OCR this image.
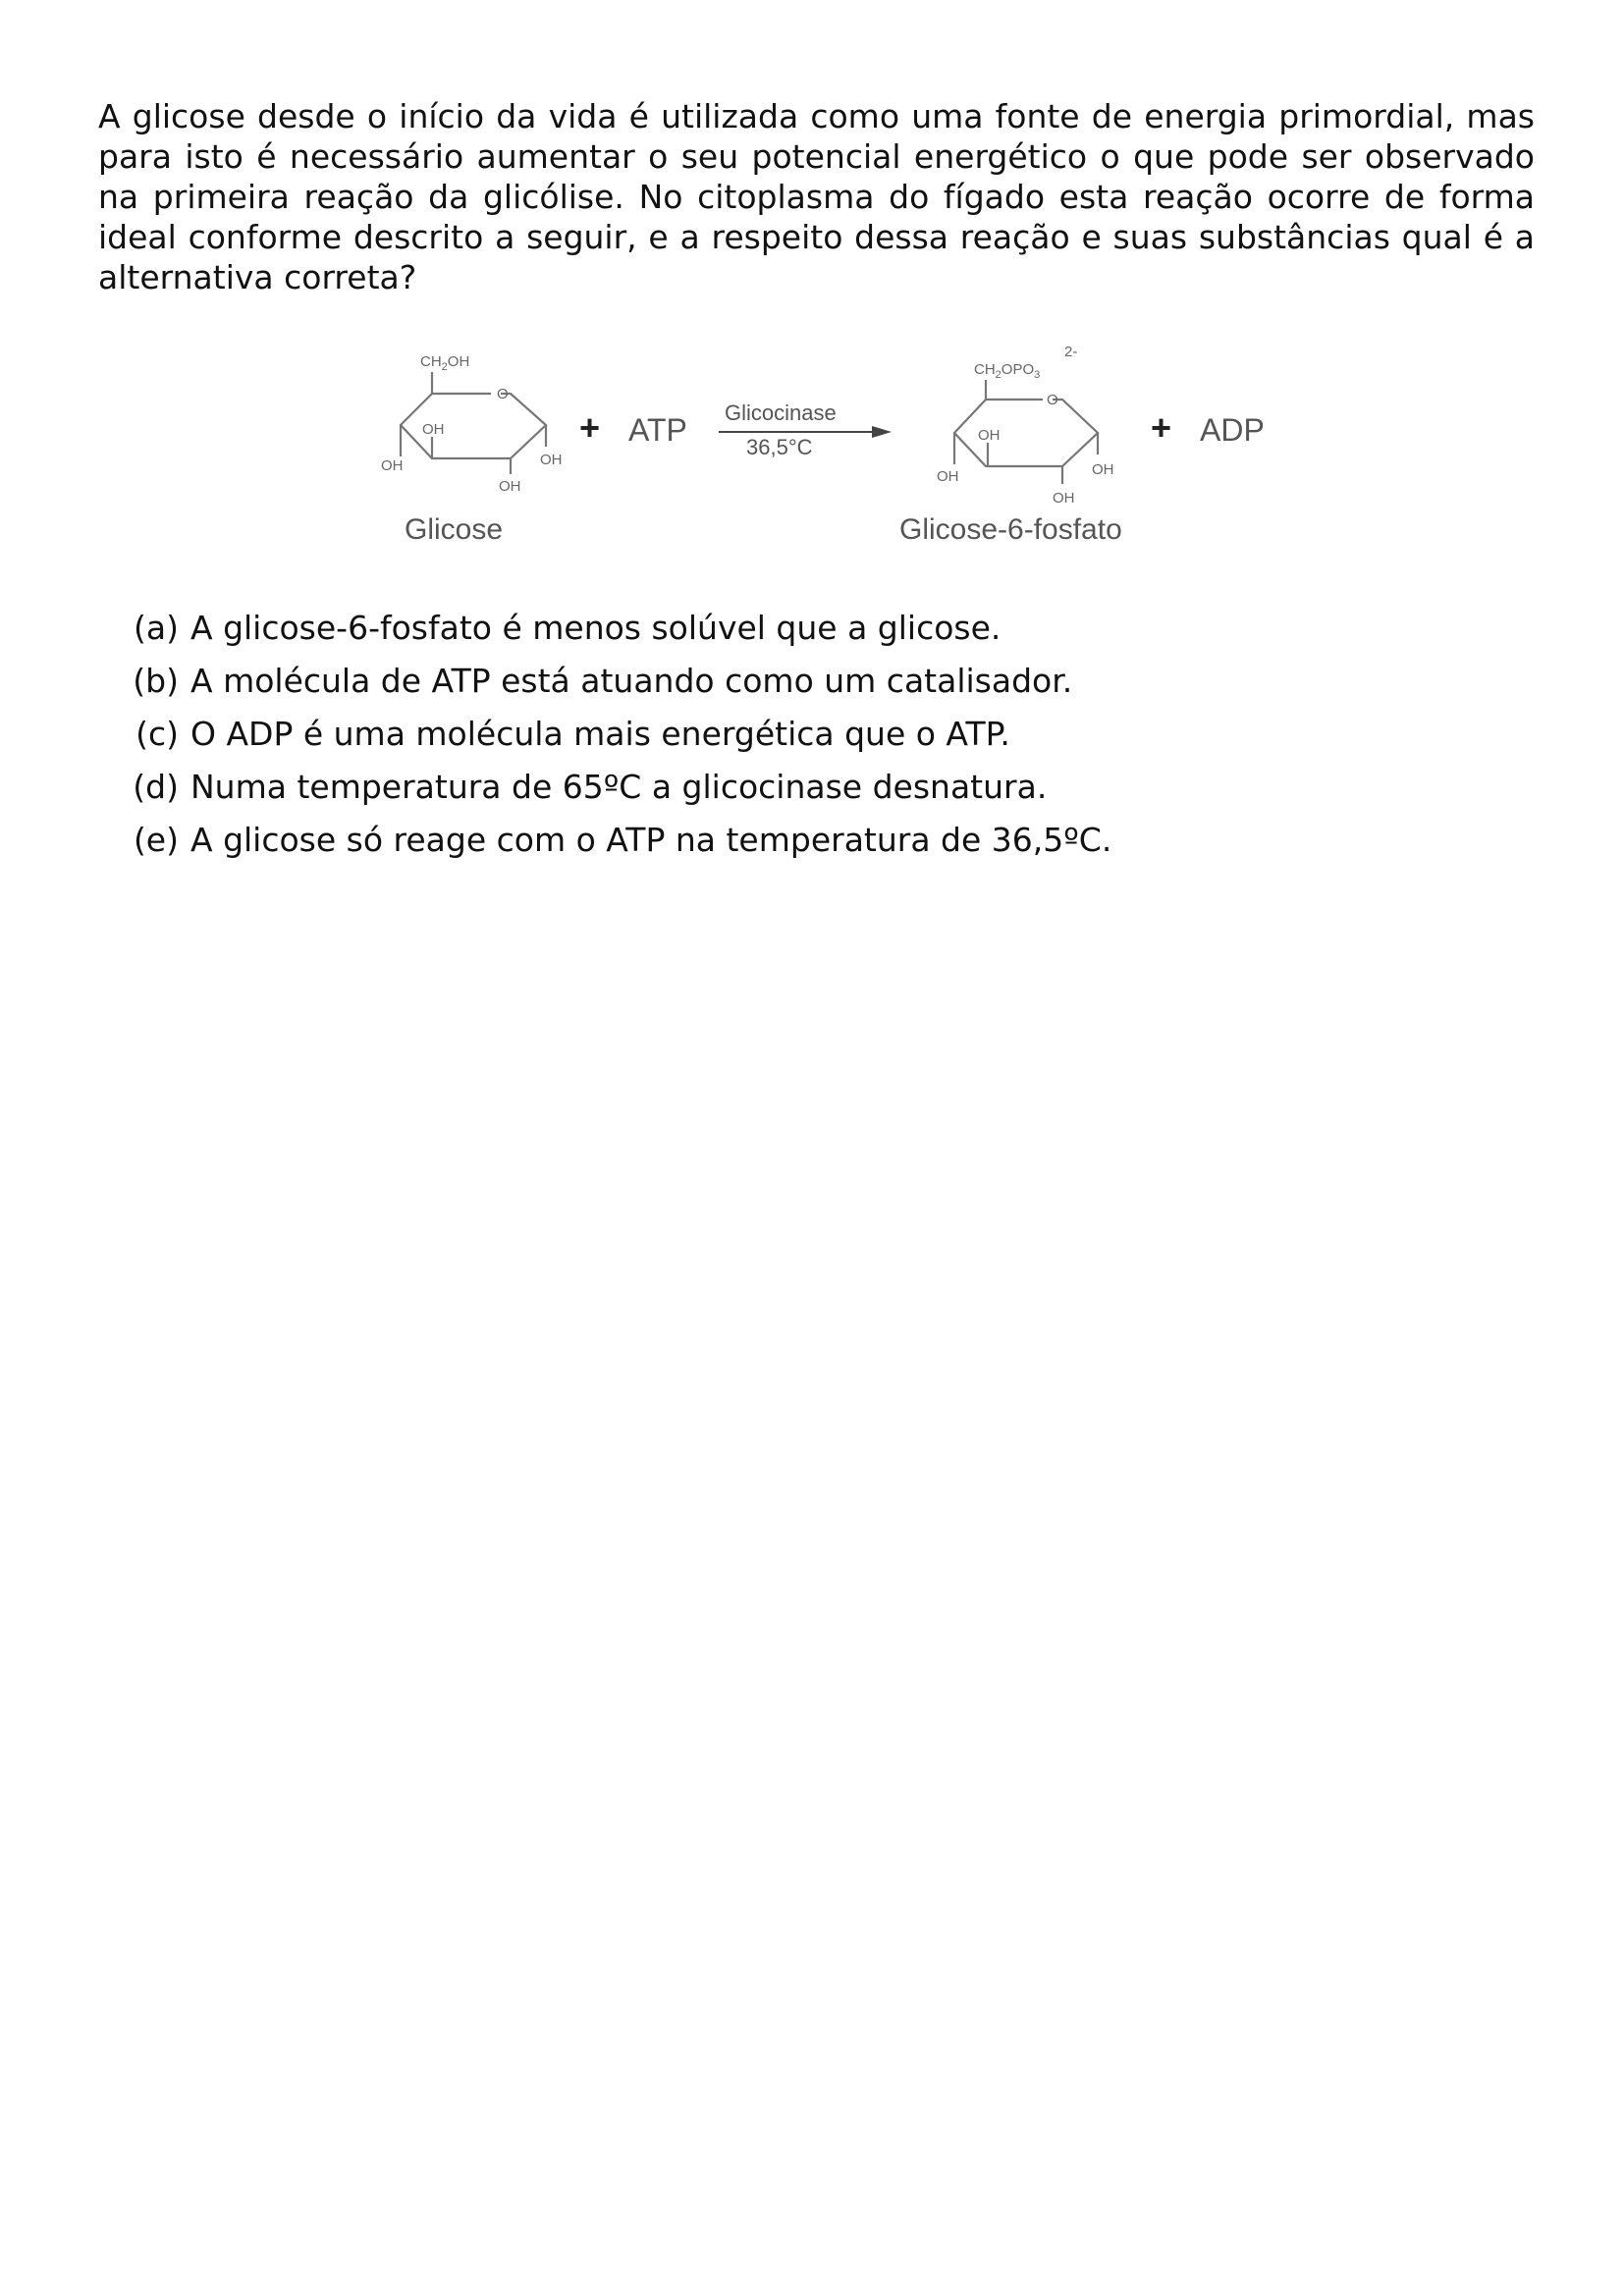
A glicose desde o início da vida é utilizada como uma fonte de energia primordial, mas para isto é necessário aumentar o seu potencial energético o que pode ser observado na primeira reação da glicólise. No citoplasma do fígado esta reação ocorre de forma ideal conforme descrito a seguir, e a respeito dessa reação e suas substâncias qual é a alternativa correta?

$CH_2OH$
O
OH
OH
OH
OH
Glicose
+ ATP Glicocinase
36,5°C
$CH_2OPO_3$
2-
O
OH
OH
OH
OH
Glicose-6-fosfato
+ ADP
(a) A glicose-6-fosfato é menos solúvel que a glicose.
(b) A molécula de ATP está atuando como um catalisador.
(c) O ADP é uma molécula mais energética que o ATP.
(d) Numa temperatura de 65ºC a glicocinase desnatura.
(e) A glicose só reage com o ATP na temperatura de 36,5ºC.
